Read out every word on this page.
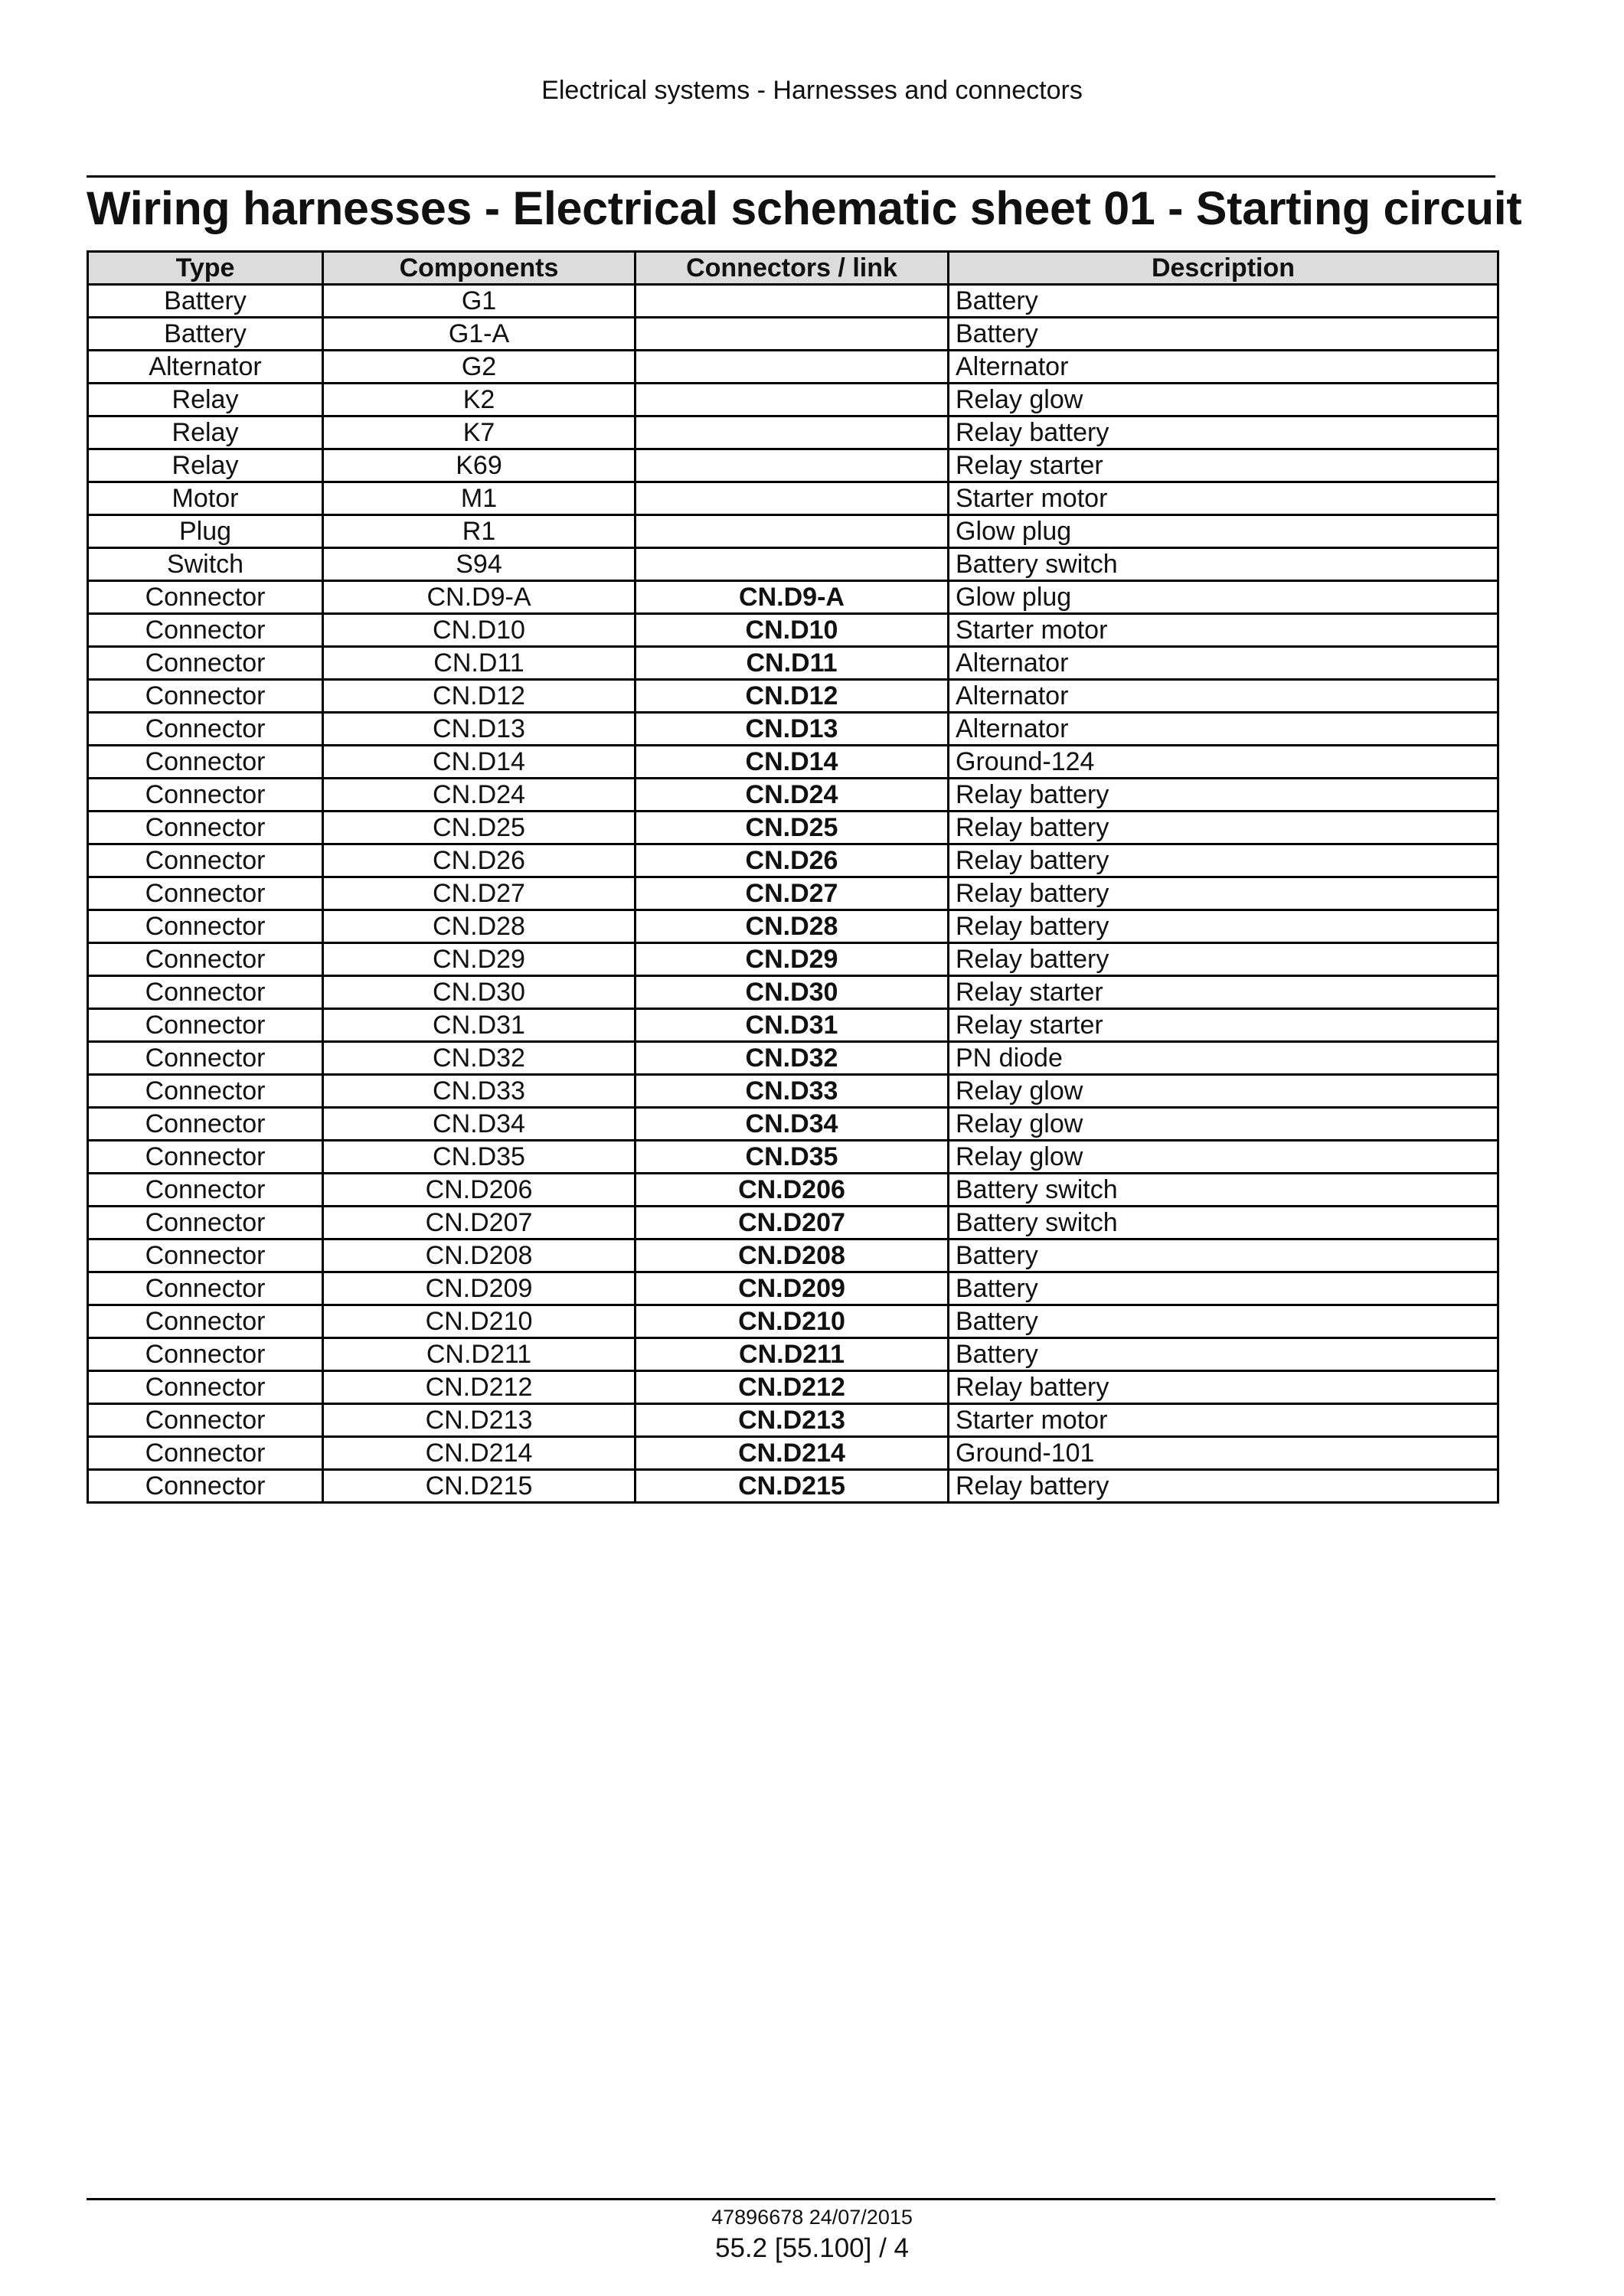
Electrical systems - Harnesses and connectors
Wiring harnesses - Electrical schematic sheet 01 - Starting circuit
Type	Components	Connectors / link	Description
Battery	G1		Battery
Battery	G1-A		Battery
Alternator	G2		Alternator
Relay	K2		Relay glow
Relay	K7		Relay battery
Relay	K69		Relay starter
Motor	M1		Starter motor
Plug	R1		Glow plug
Switch	S94		Battery switch
Connector	CN.D9-A	CN.D9-A	Glow plug
Connector	CN.D10	CN.D10	Starter motor
Connector	CN.D11	CN.D11	Alternator
Connector	CN.D12	CN.D12	Alternator
Connector	CN.D13	CN.D13	Alternator
Connector	CN.D14	CN.D14	Ground-124
Connector	CN.D24	CN.D24	Relay battery
Connector	CN.D25	CN.D25	Relay battery
Connector	CN.D26	CN.D26	Relay battery
Connector	CN.D27	CN.D27	Relay battery
Connector	CN.D28	CN.D28	Relay battery
Connector	CN.D29	CN.D29	Relay battery
Connector	CN.D30	CN.D30	Relay starter
Connector	CN.D31	CN.D31	Relay starter
Connector	CN.D32	CN.D32	PN diode
Connector	CN.D33	CN.D33	Relay glow
Connector	CN.D34	CN.D34	Relay glow
Connector	CN.D35	CN.D35	Relay glow
Connector	CN.D206	CN.D206	Battery switch
Connector	CN.D207	CN.D207	Battery switch
Connector	CN.D208	CN.D208	Battery
Connector	CN.D209	CN.D209	Battery
Connector	CN.D210	CN.D210	Battery
Connector	CN.D211	CN.D211	Battery
Connector	CN.D212	CN.D212	Relay battery
Connector	CN.D213	CN.D213	Starter motor
Connector	CN.D214	CN.D214	Ground-101
Connector	CN.D215	CN.D215	Relay battery
47896678 24/07/2015
55.2 [55.100] / 4
